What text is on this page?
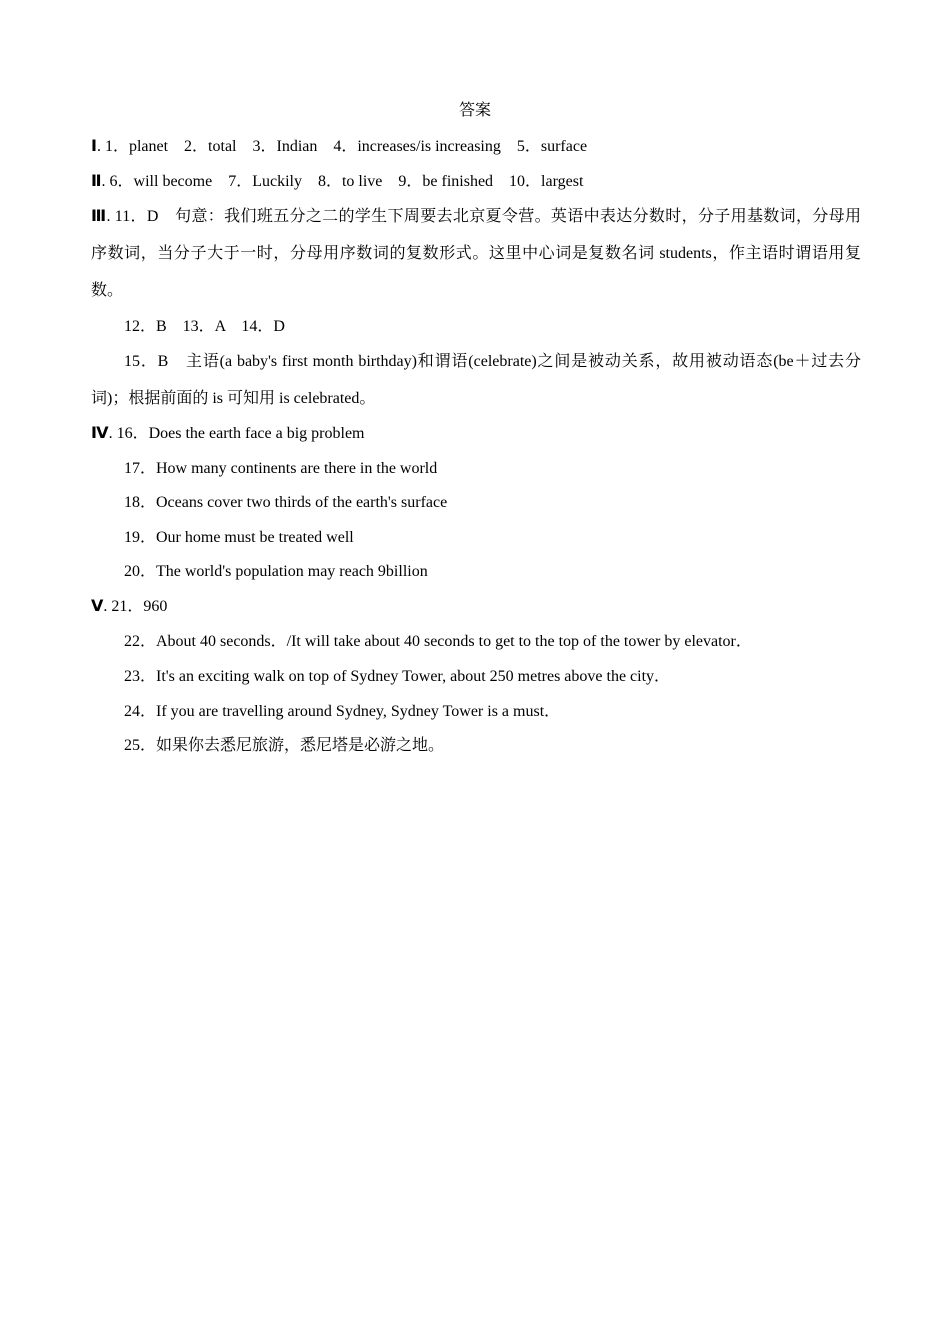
答案
Ⅰ. 1．planet　2．total　3．Indian　4．increases/is increasing　5．surface
Ⅱ. 6．will become　7．Luckily　8．to live　9．be finished　10．largest
Ⅲ. 11．D　句意：我们班五分之二的学生下周要去北京夏令营。英语中表达分数时，分子用基数词，分母用序数词，当分子大于一时，分母用序数词的复数形式。这里中心词是复数名词 students，作主语时谓语用复数。
12．B　13．A　14．D
15．B　主语(a baby's first month birthday)和谓语(celebrate)之间是被动关系，故用被动语态(be＋过去分词)；根据前面的 is 可知用 is celebrated。
Ⅳ. 16．Does the earth face a big problem
17．How many continents are there in the world
18．Oceans cover two thirds of the earth's surface
19．Our home must be treated well
20．The world's population may reach 9billion
Ⅴ. 21．960
22．About 40 seconds．/It will take about 40 seconds to get to the top of the tower by elevator．
23．It's an exciting walk on top of Sydney Tower, about 250 metres above the city．
24．If you are travelling around Sydney, Sydney Tower is a must．
25．如果你去悉尼旅游，悉尼塔是必游之地。
